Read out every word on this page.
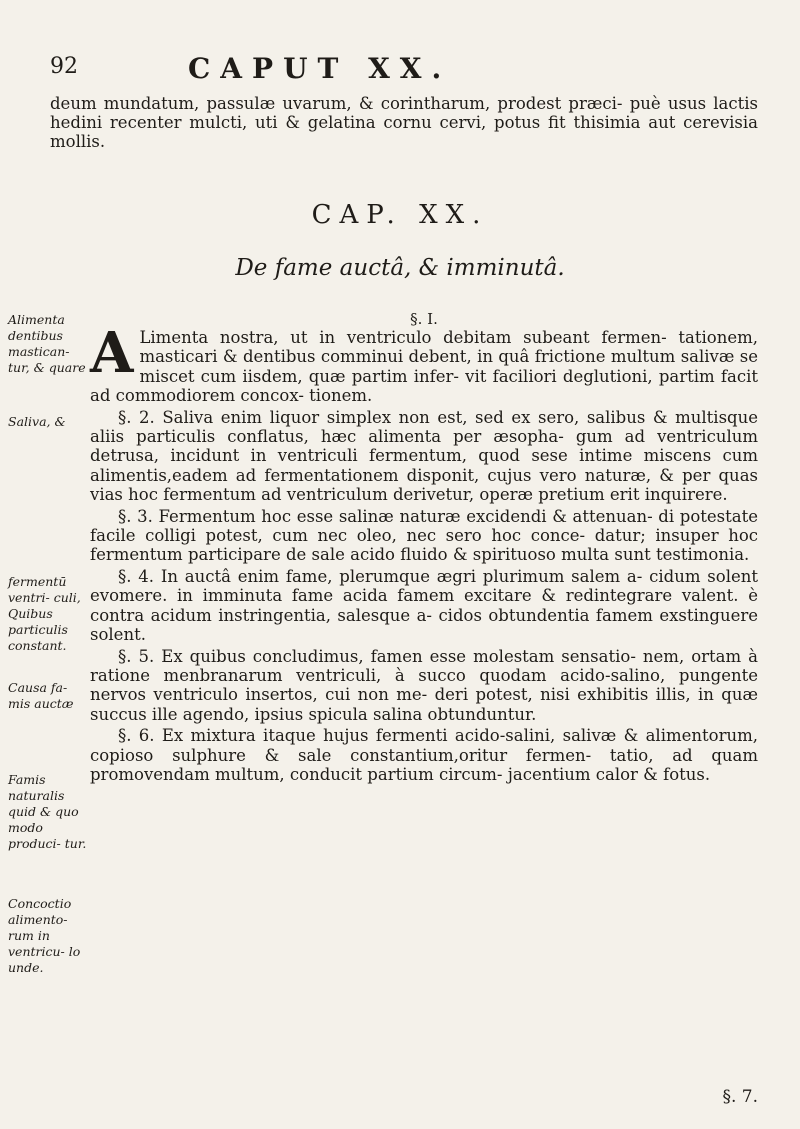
92	CAPUT XX.

deum mundatum, passulæ uvarum, & corintharum, prodest præci- puè usus lactis hedini recenter mulcti, uti & gelatina cornu cervi, potus fit thisimia aut cerevisia mollis.

CAP. XX.
De fame auctâ, & imminutâ.
Alimenta dentibus mastican- tur, & quare
Saliva, &
fermentū ventri- culi, Quibus particulis constant.
Causa fa- mis auctæ
Famis naturalis quid & quo modo produci- tur.
Concoctio alimento- rum in ventricu- lo unde.
§. I.
A Limenta nostra, ut in ventriculo debitam subeant fermen- tationem, masticari & dentibus comminui debent, in quâ frictione multum salivæ se miscet cum iisdem, quæ partim infer- vit faciliori deglutioni, partim facit ad commodiorem concox- tionem.
§. 2. Saliva enim liquor simplex non est, sed ex sero, salibus & multisque aliis particulis conflatus, hæc alimenta per æsopha- gum ad ventriculum detrusa, incidunt in ventriculi fermentum, quod sese intime miscens cum alimentis,eadem ad fermentationem disponit, cujus vero naturæ, & per quas vias hoc fermentum ad ventriculum derivetur, operæ pretium erit inquirere.
§. 3. Fermentum hoc esse salinæ naturæ excidendi & attenuan- di potestate facile colligi potest, cum nec oleo, nec sero hoc conce- datur; insuper hoc fermentum participare de sale acido fluido & spirituoso multa sunt testimonia.
§. 4. In auctâ enim fame, plerumque ægri plurimum salem a- cidum solent evomere. in imminuta fame acida famem excitare & redintegrare valent. è contra acidum instringentia, salesque a- cidos obtundentia famem exstinguere solent.
§. 5. Ex quibus concludimus, famen esse molestam sensatio- nem, ortam à ratione menbranarum ventriculi, à succo quodam acido-salino, pungente nervos ventriculo insertos, cui non me- deri potest, nisi exhibitis illis, in quæ succus ille agendo, ipsius spicula salina obtunduntur.
§. 6. Ex mixtura itaque hujus fermenti acido-salini, salivæ & alimentorum, copioso sulphure & sale constantium,oritur fermen- tatio, ad quam promovendam multum, conducit partium circum- jacentium calor & fotus.
§. 7.
